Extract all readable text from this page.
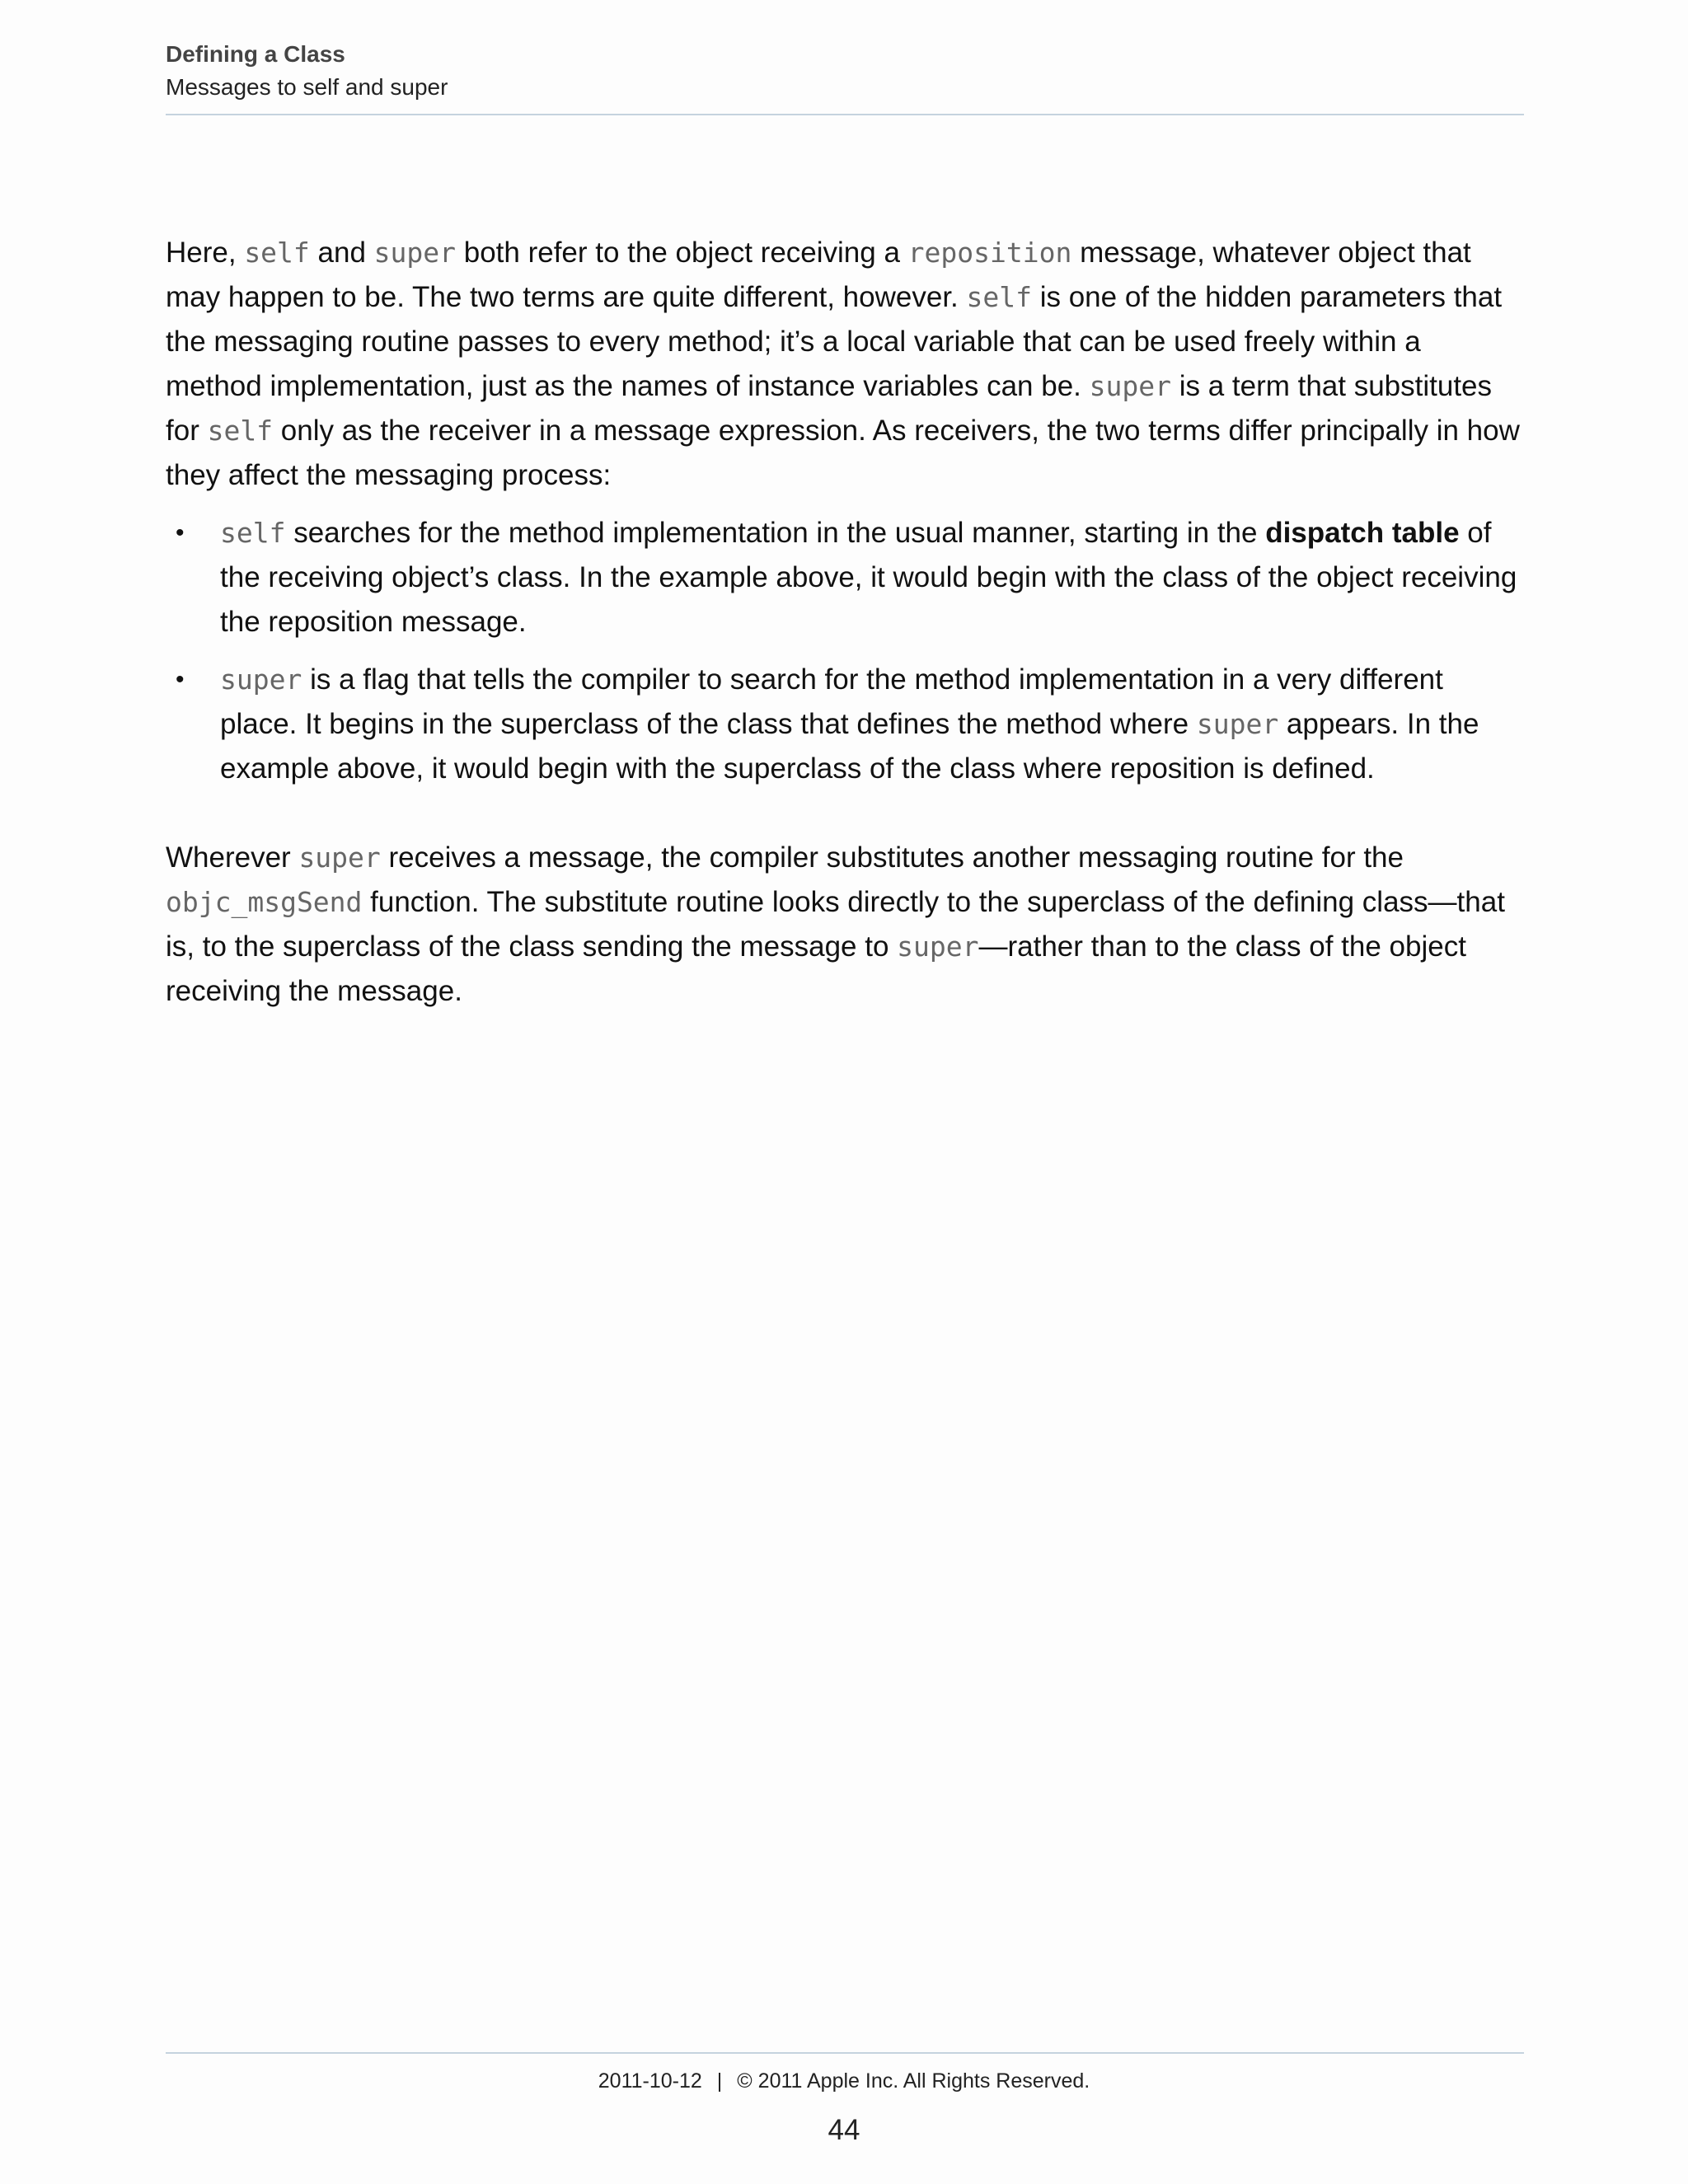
Defining a Class
Messages to self and super

Here, self and super both refer to the object receiving a reposition message, whatever object that may happen to be. The two terms are quite different, however. self is one of the hidden parameters that the messaging routine passes to every method; it’s a local variable that can be used freely within a method implementation, just as the names of instance variables can be. super is a term that substitutes for self only as the receiver in a message expression. As receivers, the two terms differ principally in how they affect the messaging process:

• self searches for the method implementation in the usual manner, starting in the dispatch table of the receiving object’s class. In the example above, it would begin with the class of the object receiving the reposition message.
• super is a flag that tells the compiler to search for the method implementation in a very different place. It begins in the superclass of the class that defines the method where super appears. In the example above, it would begin with the superclass of the class where reposition is defined.

Wherever super receives a message, the compiler substitutes another messaging routine for the objc_msgSend function. The substitute routine looks directly to the superclass of the defining class—that is, to the superclass of the class sending the message to super—rather than to the class of the object receiving the message.

2011-10-12 | © 2011 Apple Inc. All Rights Reserved.
44
